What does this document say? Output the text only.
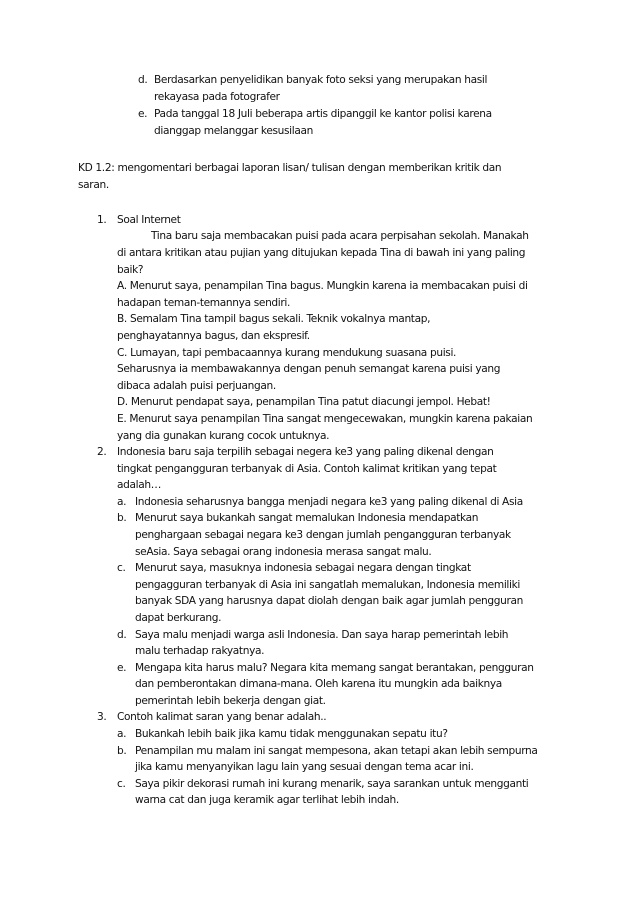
d. Berdasarkan penyelidikan banyak foto seksi yang merupakan hasil
rekayasa pada fotografer
e. Pada tanggal 18 Juli beberapa artis dipanggil ke kantor polisi karena
dianggap melanggar kesusilaan
KD 1.2: mengomentari berbagai laporan lisan/ tulisan dengan memberikan kritik dan
saran.
1. Soal Internet
Tina baru saja membacakan puisi pada acara perpisahan sekolah. Manakah
di antara kritikan atau pujian yang ditujukan kepada Tina di bawah ini yang paling
baik?
A. Menurut saya, penampilan Tina bagus. Mungkin karena ia membacakan puisi di
hadapan teman-temannya sendiri.
B. Semalam Tina tampil bagus sekali. Teknik vokalnya mantap,
penghayatannya bagus, dan ekspresif.
C. Lumayan, tapi pembacaannya kurang mendukung suasana puisi.
Seharusnya ia membawakannya dengan penuh semangat karena puisi yang
dibaca adalah puisi perjuangan.
D. Menurut pendapat saya, penampilan Tina patut diacungi jempol. Hebat!
E. Menurut saya penampilan Tina sangat mengecewakan, mungkin karena pakaian
yang dia gunakan kurang cocok untuknya.
2. Indonesia baru saja terpilih sebagai negera ke3 yang paling dikenal dengan
tingkat pengangguran terbanyak di Asia. Contoh kalimat kritikan yang tepat
adalah…
a. Indonesia seharusnya bangga menjadi negara ke3 yang paling dikenal di Asia
b. Menurut saya bukankah sangat memalukan Indonesia mendapatkan
penghargaan sebagai negara ke3 dengan jumlah pengangguran terbanyak
seAsia. Saya sebagai orang indonesia merasa sangat malu.
c. Menurut saya, masuknya indonesia sebagai negara dengan tingkat
pengagguran terbanyak di Asia ini sangatlah memalukan, Indonesia memiliki
banyak SDA yang harusnya dapat diolah dengan baik agar jumlah pengguran
dapat berkurang.
d. Saya malu menjadi warga asli Indonesia. Dan saya harap pemerintah lebih
malu terhadap rakyatnya.
e. Mengapa kita harus malu? Negara kita memang sangat berantakan, pengguran
dan pemberontakan dimana-mana. Oleh karena itu mungkin ada baiknya
pemerintah lebih bekerja dengan giat.
3. Contoh kalimat saran yang benar adalah..
a. Bukankah lebih baik jika kamu tidak menggunakan sepatu itu?
b. Penampilan mu malam ini sangat mempesona, akan tetapi akan lebih sempurna
jika kamu menyanyikan lagu lain yang sesuai dengan tema acar ini.
c. Saya pikir dekorasi rumah ini kurang menarik, saya sarankan untuk mengganti
warna cat dan juga keramik agar terlihat lebih indah.
